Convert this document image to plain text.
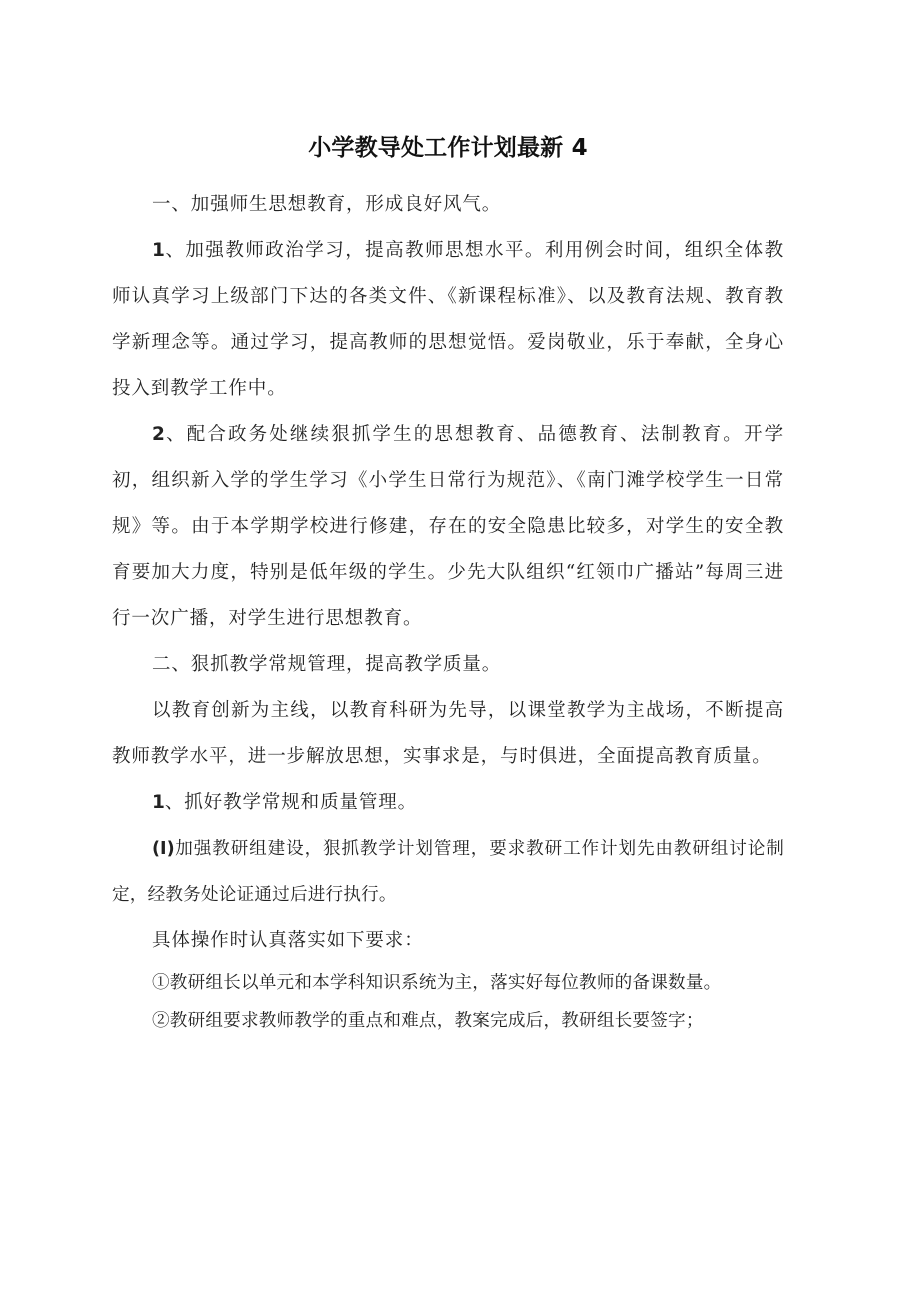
小学教导处工作计划最新 4

一、加强师生思想教育，形成良好风气。

1、加强教师政治学习，提高教师思想水平。利用例会时间，组织全体教师认真学习上级部门下达的各类文件、《新课程标准》、以及教育法规、教育教学新理念等。通过学习，提高教师的思想觉悟。爱岗敬业，乐于奉献，全身心投入到教学工作中。

2、配合政务处继续狠抓学生的思想教育、品德教育、法制教育。开学初，组织新入学的学生学习《小学生日常行为规范》、《南门滩学校学生一日常规》等。由于本学期学校进行修建，存在的安全隐患比较多，对学生的安全教育要加大力度，特别是低年级的学生。少先大队组织“红领巾广播站”每周三进行一次广播，对学生进行思想教育。

二、狠抓教学常规管理，提高教学质量。

以教育创新为主线，以教育科研为先导，以课堂教学为主战场，不断提高教师教学水平，进一步解放思想，实事求是，与时俱进，全面提高教育质量。

1、抓好教学常规和质量管理。

(I)加强教研组建设，狠抓教学计划管理，要求教研工作计划先由教研组讨论制定，经教务处论证通过后进行执行。

具体操作时认真落实如下要求：

①教研组长以单元和本学科知识系统为主，落实好每位教师的备课数量。

②教研组要求教师教学的重点和难点，教案完成后，教研组长要签字；
